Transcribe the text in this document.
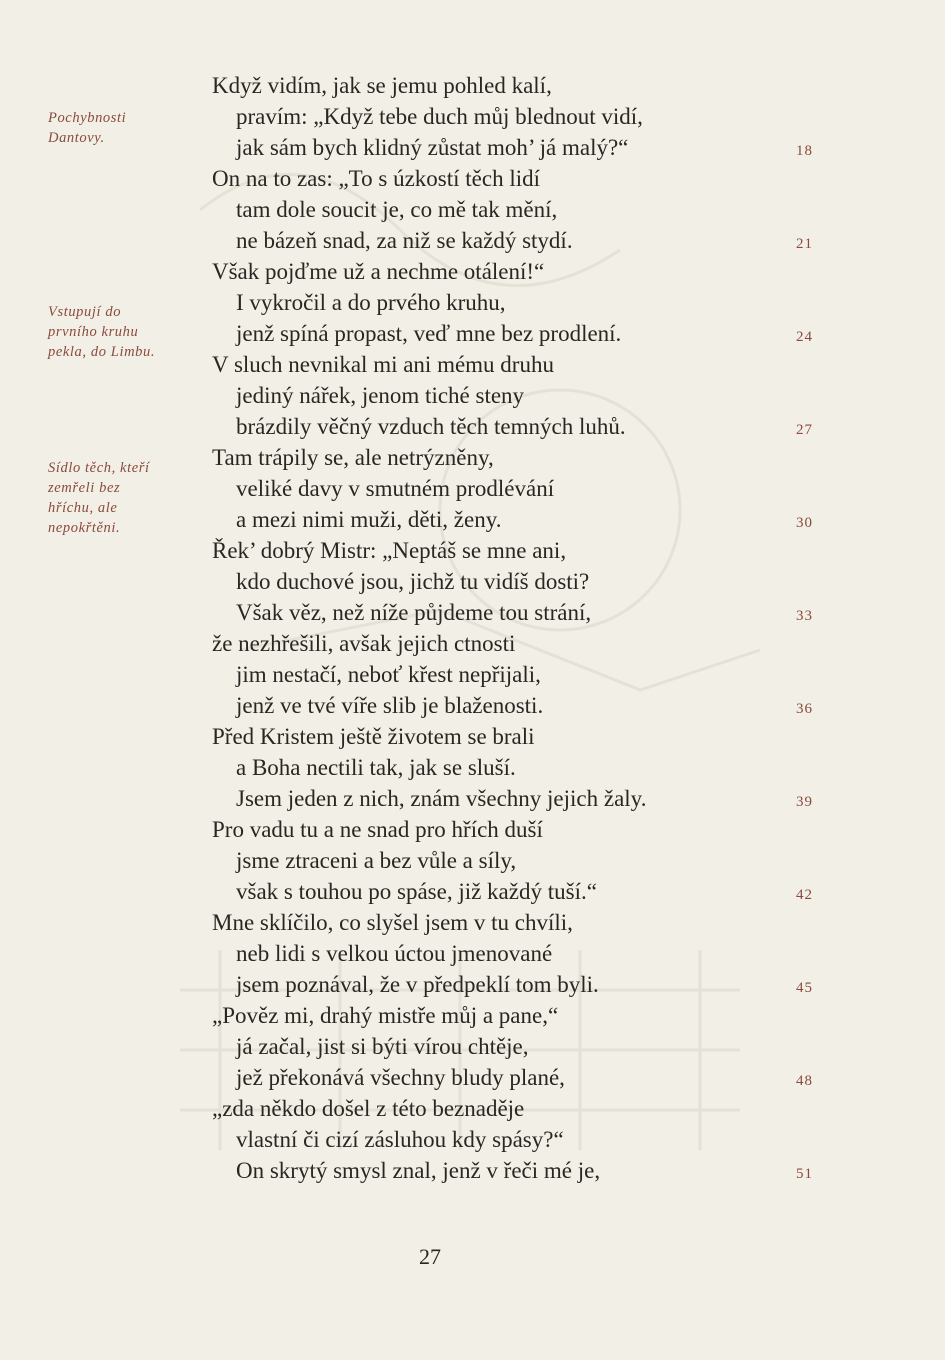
Pochybnosti
Dantovy.
Vstupují do
prvního kruhu
pekla, do Limbu.
Sídlo těch, kteří
zemřeli bez
hříchu, ale
nepokřtěni.
Když vidím, jak se jemu pohled kalí,
pravím: „Když tebe duch můj blednout vidí,
jak sám bych klidný zůstat moh’ já malý?“
On na to zas: „To s úzkostí těch lidí
tam dole soucit je, co mě tak mění,
ne bázeň snad, za niž se každý stydí.
Však pojďme už a nechme otálení!“
I vykročil a do prvého kruhu,
jenž spíná propast, veď mne bez prodlení.
V sluch nevnikal mi ani mému druhu
jediný nářek, jenom tiché steny
brázdily věčný vzduch těch temných luhů.
Tam trápily se, ale netrýzněny,
veliké davy v smutném prodlévání
a mezi nimi muži, děti, ženy.
Řek’ dobrý Mistr: „Neptáš se mne ani,
kdo duchové jsou, jichž tu vidíš dosti?
Však věz, než níže půjdeme tou strání,
že nezhřešili, avšak jejich ctnosti
jim nestačí, neboť křest nepřijali,
jenž ve tvé víře slib je blaženosti.
Před Kristem ještě životem se brali
a Boha nectili tak, jak se sluší.
Jsem jeden z nich, znám všechny jejich žaly.
Pro vadu tu a ne snad pro hřích duší
jsme ztraceni a bez vůle a síly,
však s touhou po spáse, již každý tuší.“
Mne sklíčilo, co slyšel jsem v tu chvíli,
neb lidi s velkou úctou jmenované
jsem poznával, že v předpeklí tom byli.
„Pověz mi, drahý mistře můj a pane,“
já začal, jist si býti vírou chtěje,
jež překonává všechny bludy plané,
„zda někdo došel z této beznaděje
vlastní či cizí zásluhou kdy spásy?“
On skrytý smysl znal, jenž v řeči mé je,
18
21
24
27
30
33
36
39
42
45
48
51
27
